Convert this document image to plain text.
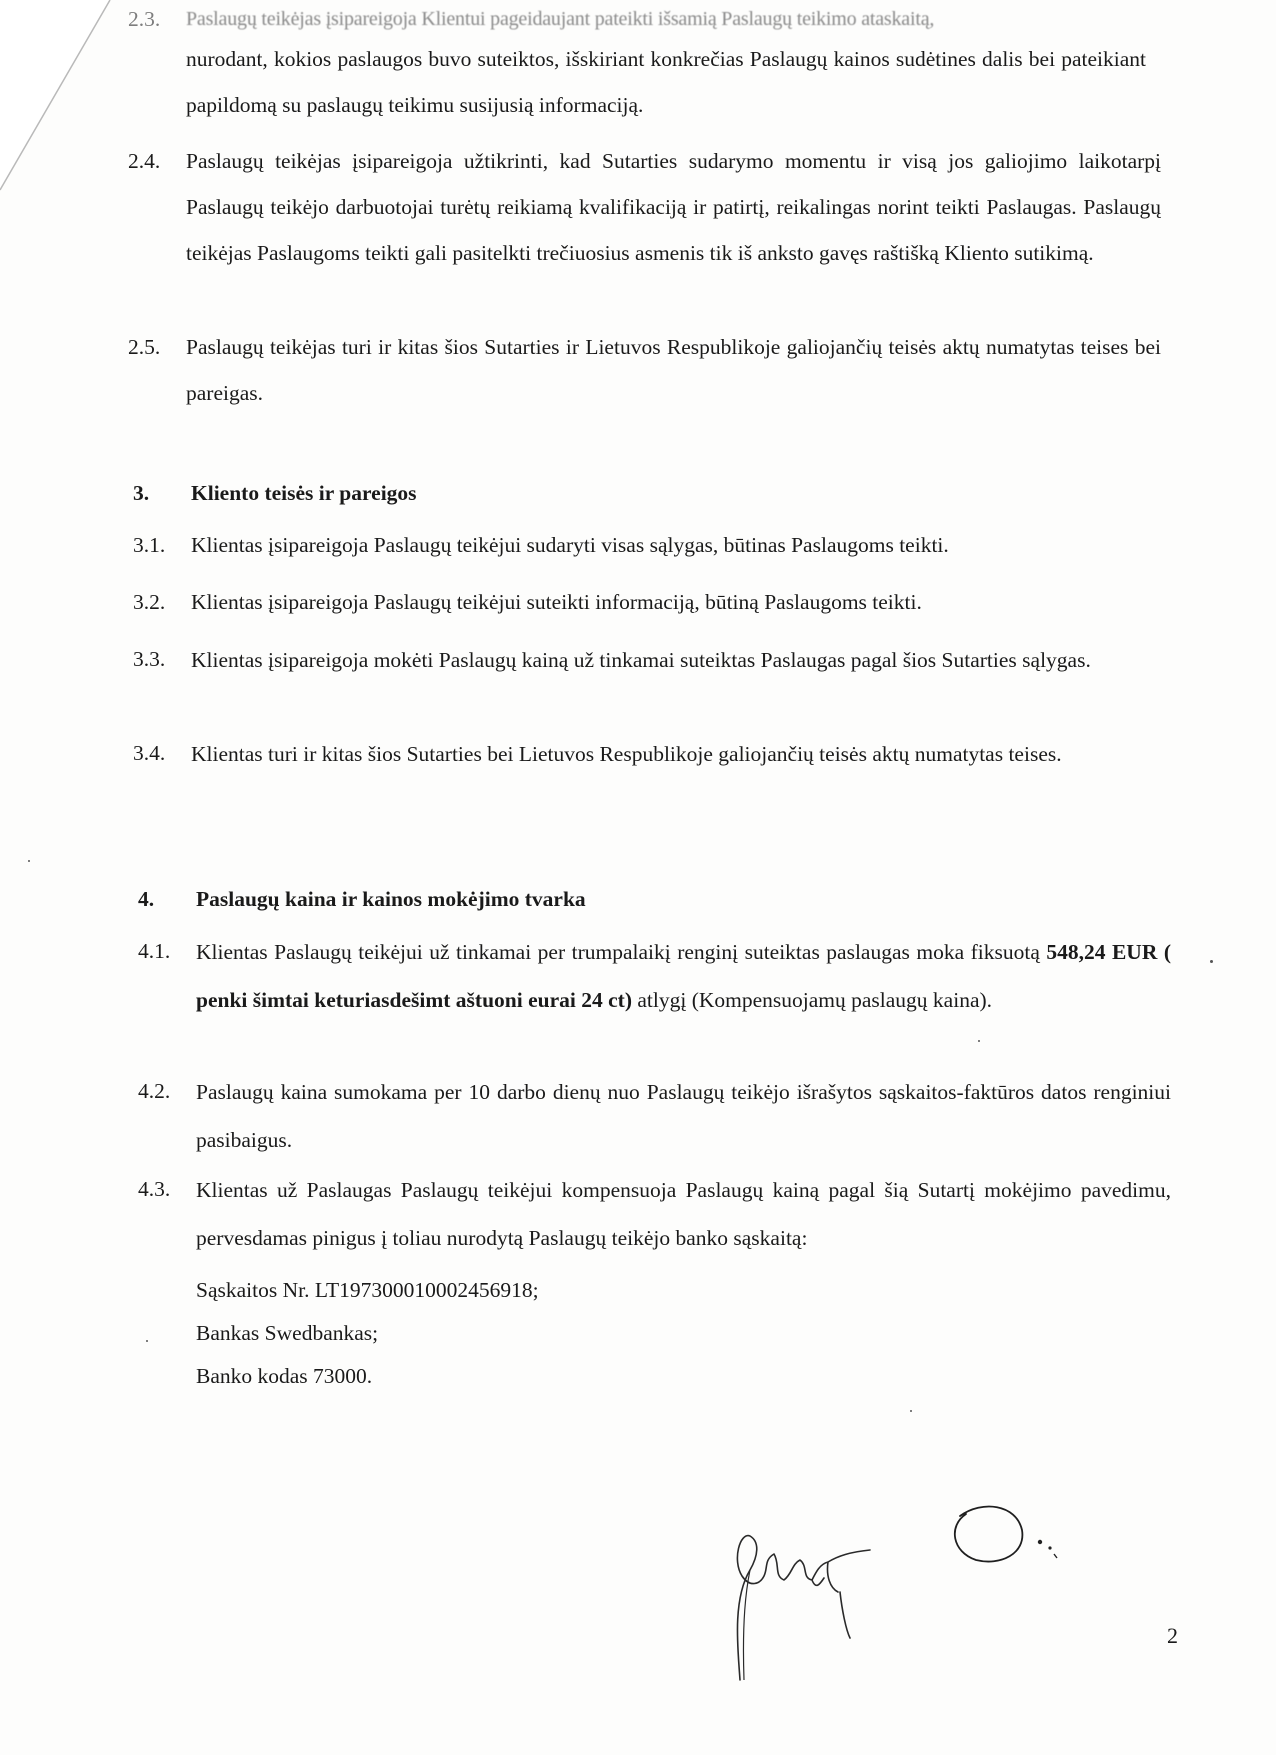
2.3. Paslaugų teikėjas įsipareigoja Klientui pageidaujant pateikti išsamią Paslaugų teikimo ataskaitą,
nurodant, kokios paslaugos buvo suteiktos, išskiriant konkrečias Paslaugų kainos sudėtines dalis bei pateikiant papildomą su paslaugų teikimu susijusią informaciją.
2.4. Paslaugų teikėjas įsipareigoja užtikrinti, kad Sutarties sudarymo momentu ir visą jos galiojimo laikotarpį Paslaugų teikėjo darbuotojai turėtų reikiamą kvalifikaciją ir patirtį, reikalingas norint teikti Paslaugas. Paslaugų teikėjas Paslaugoms teikti gali pasitelkti trečiuosius asmenis tik iš anksto gavęs raštišką Kliento sutikimą.
2.5. Paslaugų teikėjas turi ir kitas šios Sutarties ir Lietuvos Respublikoje galiojančių teisės aktų numatytas teises bei pareigas.
3. Kliento teisės ir pareigos
3.1. Klientas įsipareigoja Paslaugų teikėjui sudaryti visas sąlygas, būtinas Paslaugoms teikti.
3.2. Klientas įsipareigoja Paslaugų teikėjui suteikti informaciją, būtiną Paslaugoms teikti.
3.3. Klientas įsipareigoja mokėti Paslaugų kainą už tinkamai suteiktas Paslaugas pagal šios Sutarties sąlygas.
3.4. Klientas turi ir kitas šios Sutarties bei Lietuvos Respublikoje galiojančių teisės aktų numatytas teises.
4. Paslaugų kaina ir kainos mokėjimo tvarka
4.1. Klientas Paslaugų teikėjui už tinkamai per trumpalaikį renginį suteiktas paslaugas moka fiksuotą 548,24 EUR ( penki šimtai keturiasdešimt aštuoni eurai 24 ct) atlygį (Kompensuojamų paslaugų kaina).
4.2. Paslaugų kaina sumokama per 10 darbo dienų nuo Paslaugų teikėjo išrašytos sąskaitos-faktūros datos renginiui pasibaigus.
4.3. Klientas už Paslaugas Paslaugų teikėjui kompensuoja Paslaugų kainą pagal šią Sutartį mokėjimo pavedimu, pervesdamas pinigus į toliau nurodytą Paslaugų teikėjo banko sąskaitą:
Sąskaitos Nr. LT197300010002456918;
Bankas Swedbankas;
Banko kodas 73000.
2
